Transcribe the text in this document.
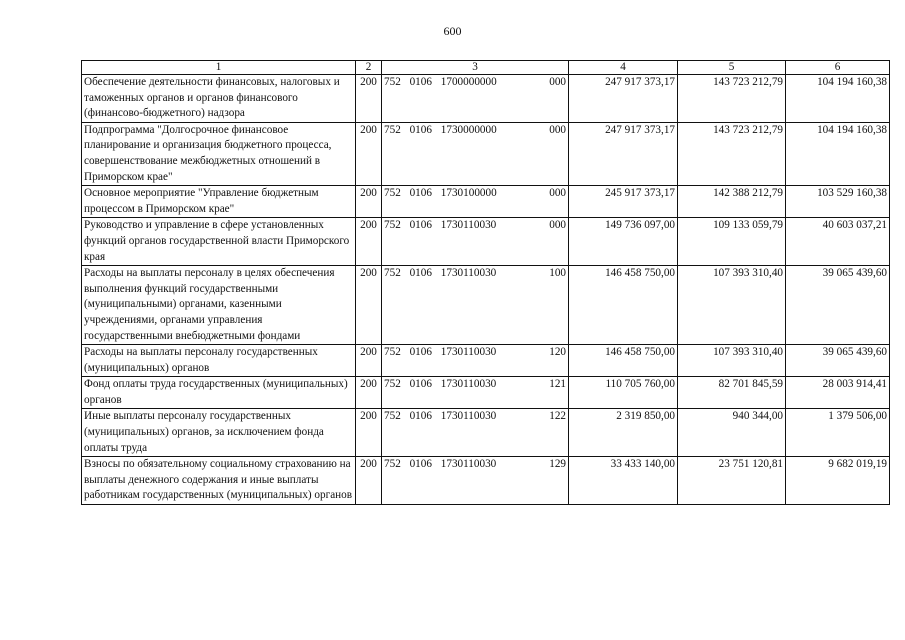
600
1	2	3	4	5	6
Обеспечение деятельности финансовых, налоговых и таможенных органов и органов финансового (финансово-бюджетного) надзора	200	752 0106 1700000000 000	247 917 373,17	143 723 212,79	104 194 160,38
Подпрограмма "Долгосрочное финансовое планирование и организация бюджетного процесса, совершенствование межбюджетных отношений в Приморском крае"	200	752 0106 1730000000 000	247 917 373,17	143 723 212,79	104 194 160,38
Основное мероприятие "Управление бюджетным процессом в Приморском крае"	200	752 0106 1730100000 000	245 917 373,17	142 388 212,79	103 529 160,38
Руководство и управление в сфере установленных функций органов государственной власти Приморского края	200	752 0106 1730110030 000	149 736 097,00	109 133 059,79	40 603 037,21
Расходы на выплаты персоналу в целях обеспечения выполнения функций государственными (муниципальными) органами, казенными учреждениями, органами управления государственными внебюджетными фондами	200	752 0106 1730110030 100	146 458 750,00	107 393 310,40	39 065 439,60
Расходы на выплаты персоналу государственных (муниципальных) органов	200	752 0106 1730110030 120	146 458 750,00	107 393 310,40	39 065 439,60
Фонд оплаты труда государственных (муниципальных) органов	200	752 0106 1730110030 121	110 705 760,00	82 701 845,59	28 003 914,41
Иные выплаты персоналу государственных (муниципальных) органов, за исключением фонда оплаты труда	200	752 0106 1730110030 122	2 319 850,00	940 344,00	1 379 506,00
Взносы по обязательному социальному страхованию на выплаты денежного содержания и иные выплаты работникам государственных (муниципальных) органов	200	752 0106 1730110030 129	33 433 140,00	23 751 120,81	9 682 019,19
